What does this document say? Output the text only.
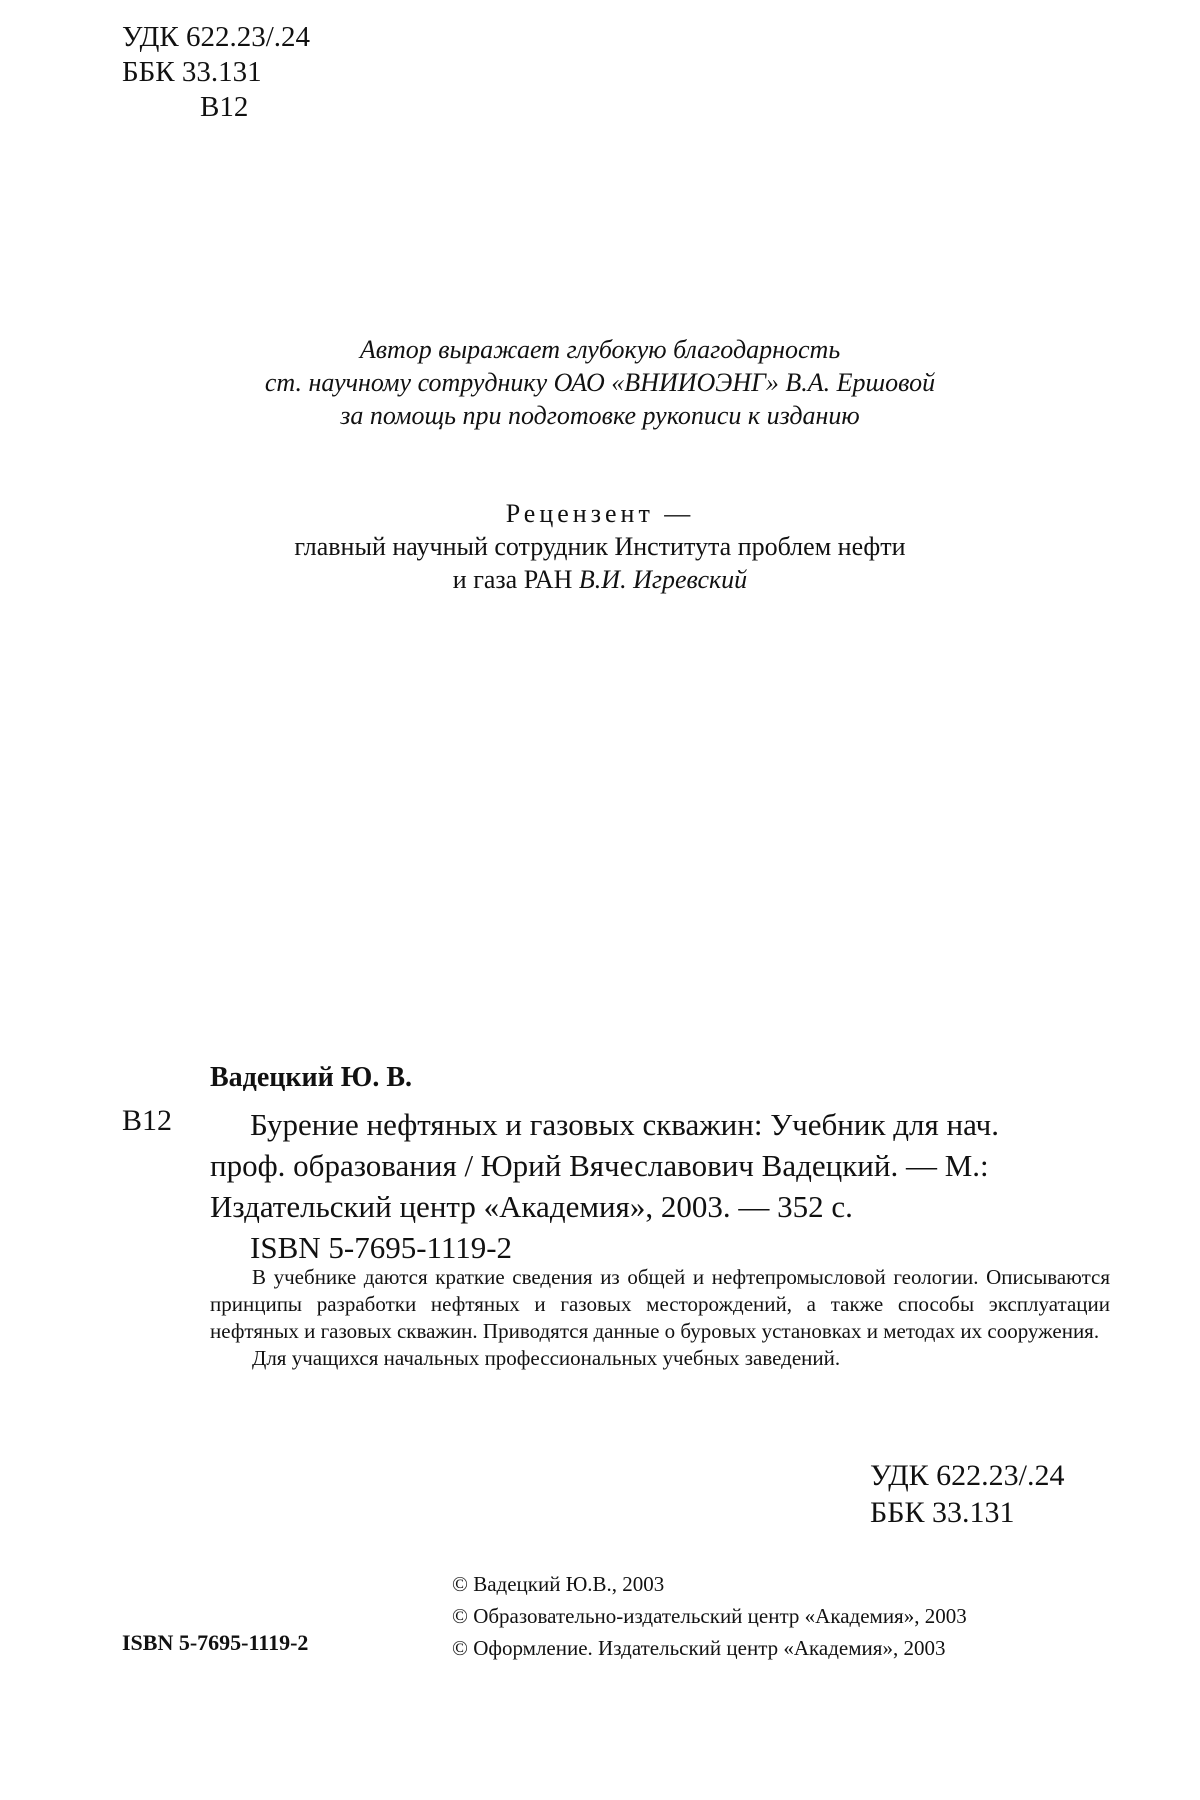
УДК 622.23/.24
ББК 33.131
В12
Автор выражает глубокую благодарность
ст. научному сотруднику ОАО «ВНИИОЭНГ» В.А. Ершовой
за помощь при подготовке рукописи к изданию
Рецензент —
главный научный сотрудник Института проблем нефти
и газа РАН В.И. Игревский
Вадецкий Ю. В.
В12	Бурение нефтяных и газовых скважин: Учебник для нач.
проф. образования / Юрий Вячеславович Вадецкий. — М.:
Издательский центр «Академия», 2003. — 352 с.
ISBN 5-7695-1119-2

В учебнике даются краткие сведения из общей и нефтепромысловой геологии. Описываются принципы разработки нефтяных и газовых месторождений, а также способы эксплуатации нефтяных и газовых скважин. Приводятся данные о буровых установках и методах их сооружения.

Для учащихся начальных профессиональных учебных заведений.

УДК 622.23/.24
ББК 33.131
© Вадецкий Ю.В., 2003
© Образовательно-издательский центр «Академия», 2003
© Оформление. Издательский центр «Академия», 2003
ISBN 5-7695-1119-2
